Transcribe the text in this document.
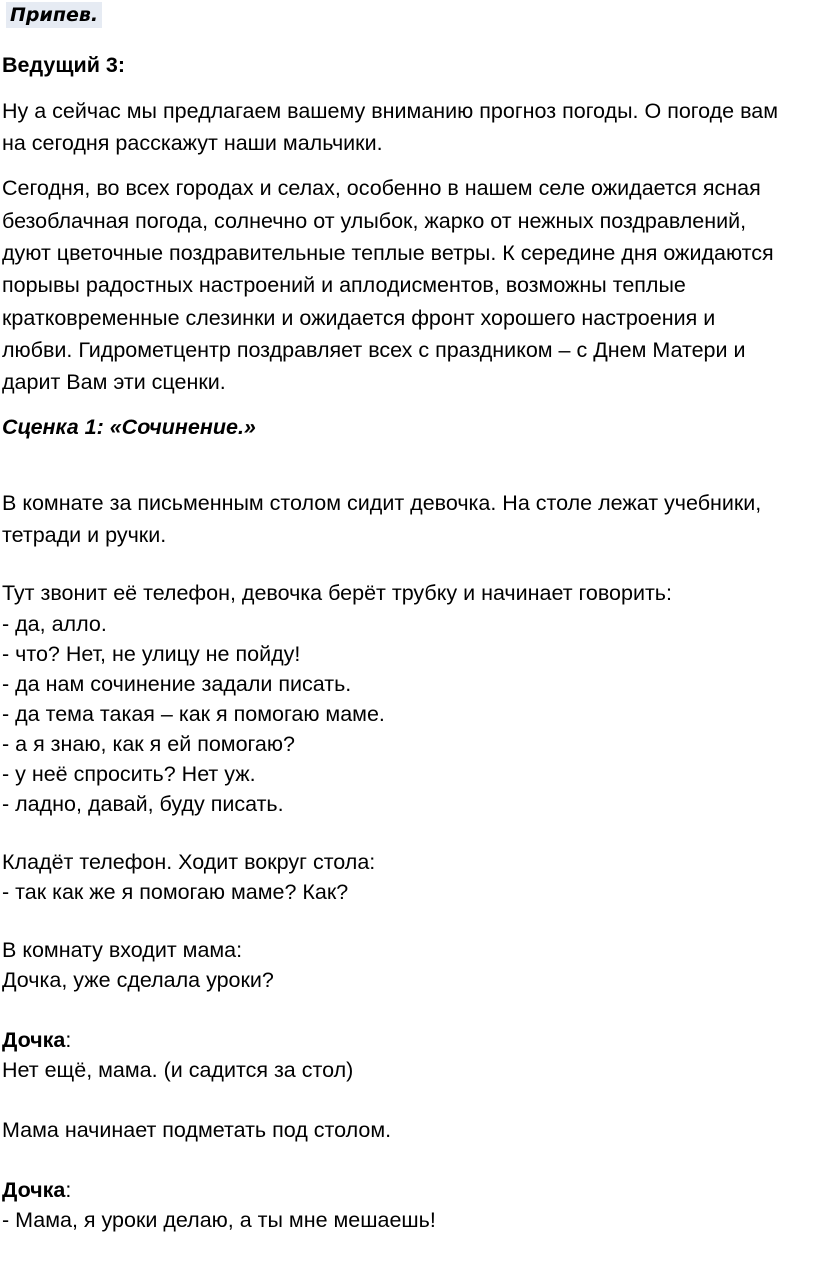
Припев.
Ведущий 3:
Ну а сейчас мы предлагаем вашему вниманию прогноз погоды. О погоде вам
на сегодня расскажут наши мальчики.
Сегодня, во всех городах и селах, особенно в нашем селе ожидается ясная
безоблачная погода, солнечно от улыбок, жарко от нежных поздравлений,
дуют цветочные поздравительные теплые ветры. К середине дня ожидаются
порывы радостных настроений и аплодисментов, возможны теплые
кратковременные слезинки и ожидается фронт хорошего настроения и
любви. Гидрометцентр поздравляет всех с праздником – с Днем Матери и
дарит Вам эти сценки.
Сценка 1: «Сочинение.»
В комнате за письменным столом сидит девочка. На столе лежат учебники,
тетради и ручки.
Тут звонит её телефон, девочка берёт трубку и начинает говорить:
- да, алло.
- что? Нет, не улицу не пойду!
- да нам сочинение задали писать.
- да тема такая – как я помогаю маме.
- а я знаю, как я ей помогаю?
- у неё спросить? Нет уж.
- ладно, давай, буду писать.
Кладёт телефон. Ходит вокруг стола:
- так как же я помогаю маме? Как?
В комнату входит мама:
Дочка, уже сделала уроки?
Дочка:
Нет ещё, мама. (и садится за стол)
Мама начинает подметать под столом.
Дочка:
- Мама, я уроки делаю, а ты мне мешаешь!
